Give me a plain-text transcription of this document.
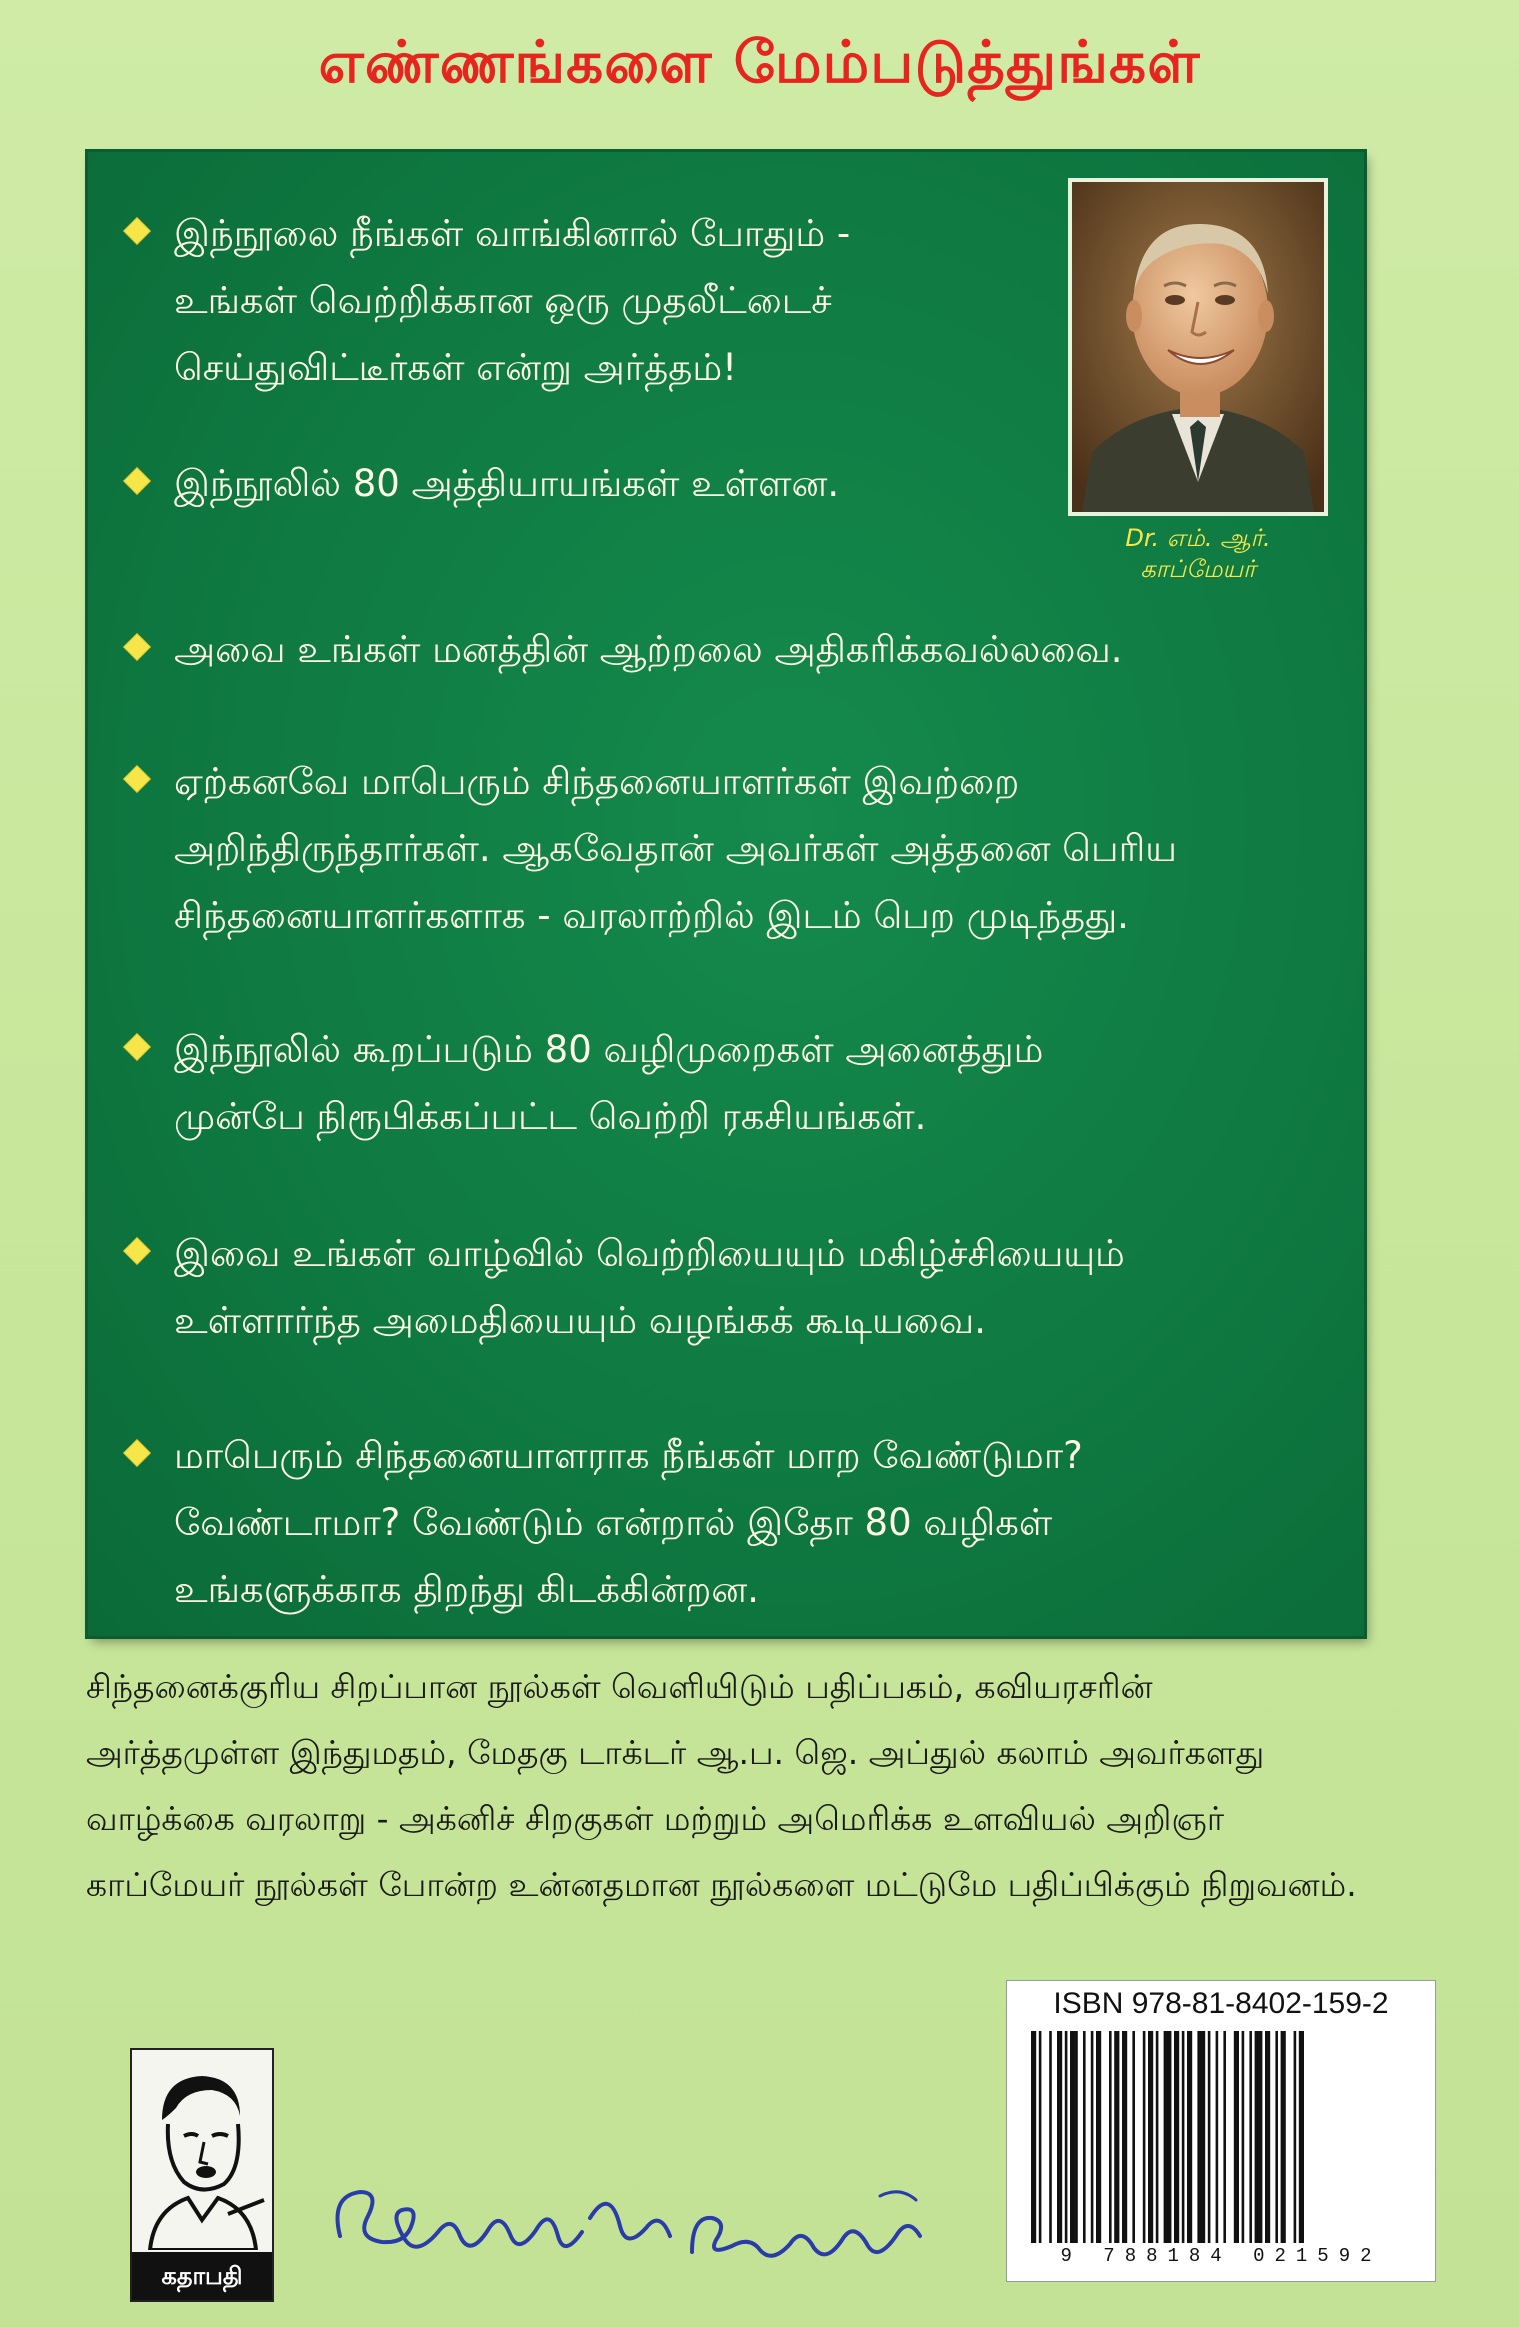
எண்ணங்களை மேம்படுத்துங்கள்
Dr. எம். ஆர். காப்மேயர்
இந்நூலை நீங்கள் வாங்கினால் போதும் -
உங்கள் வெற்றிக்கான ஒரு முதலீட்டைச்
செய்துவிட்டீர்கள் என்று அர்த்தம்!
இந்நூலில் 80 அத்தியாயங்கள் உள்ளன.
அவை உங்கள் மனத்தின் ஆற்றலை அதிகரிக்கவல்லவை.
ஏற்கனவே மாபெரும் சிந்தனையாளர்கள் இவற்றை
அறிந்திருந்தார்கள். ஆகவேதான் அவர்கள் அத்தனை பெரிய
சிந்தனையாளர்களாக - வரலாற்றில் இடம் பெற முடிந்தது.
இந்நூலில் கூறப்படும் 80 வழிமுறைகள் அனைத்தும்
முன்பே நிரூபிக்கப்பட்ட வெற்றி ரகசியங்கள்.
இவை உங்கள் வாழ்வில் வெற்றியையும் மகிழ்ச்சியையும்
உள்ளார்ந்த அமைதியையும் வழங்கக் கூடியவை.
மாபெரும் சிந்தனையாளராக நீங்கள் மாற வேண்டுமா?
வேண்டாமா? வேண்டும் என்றால் இதோ 80 வழிகள்
உங்களுக்காக திறந்து கிடக்கின்றன.
சிந்தனைக்குரிய சிறப்பான நூல்கள் வெளியிடும் பதிப்பகம், கவியரசரின்
அர்த்தமுள்ள இந்துமதம், மேதகு டாக்டர் ஆ.ப. ஜெ. அப்துல் கலாம் அவர்களது
வாழ்க்கை வரலாறு - அக்னிச் சிறகுகள் மற்றும் அமெரிக்க உளவியல் அறிஞர்
காப்மேயர் நூல்கள் போன்ற உன்னதமான நூல்களை மட்டுமே பதிப்பிக்கும் நிறுவனம்.
கதாபதி
ISBN 978-81-8402-159-2
9 788184 021592
